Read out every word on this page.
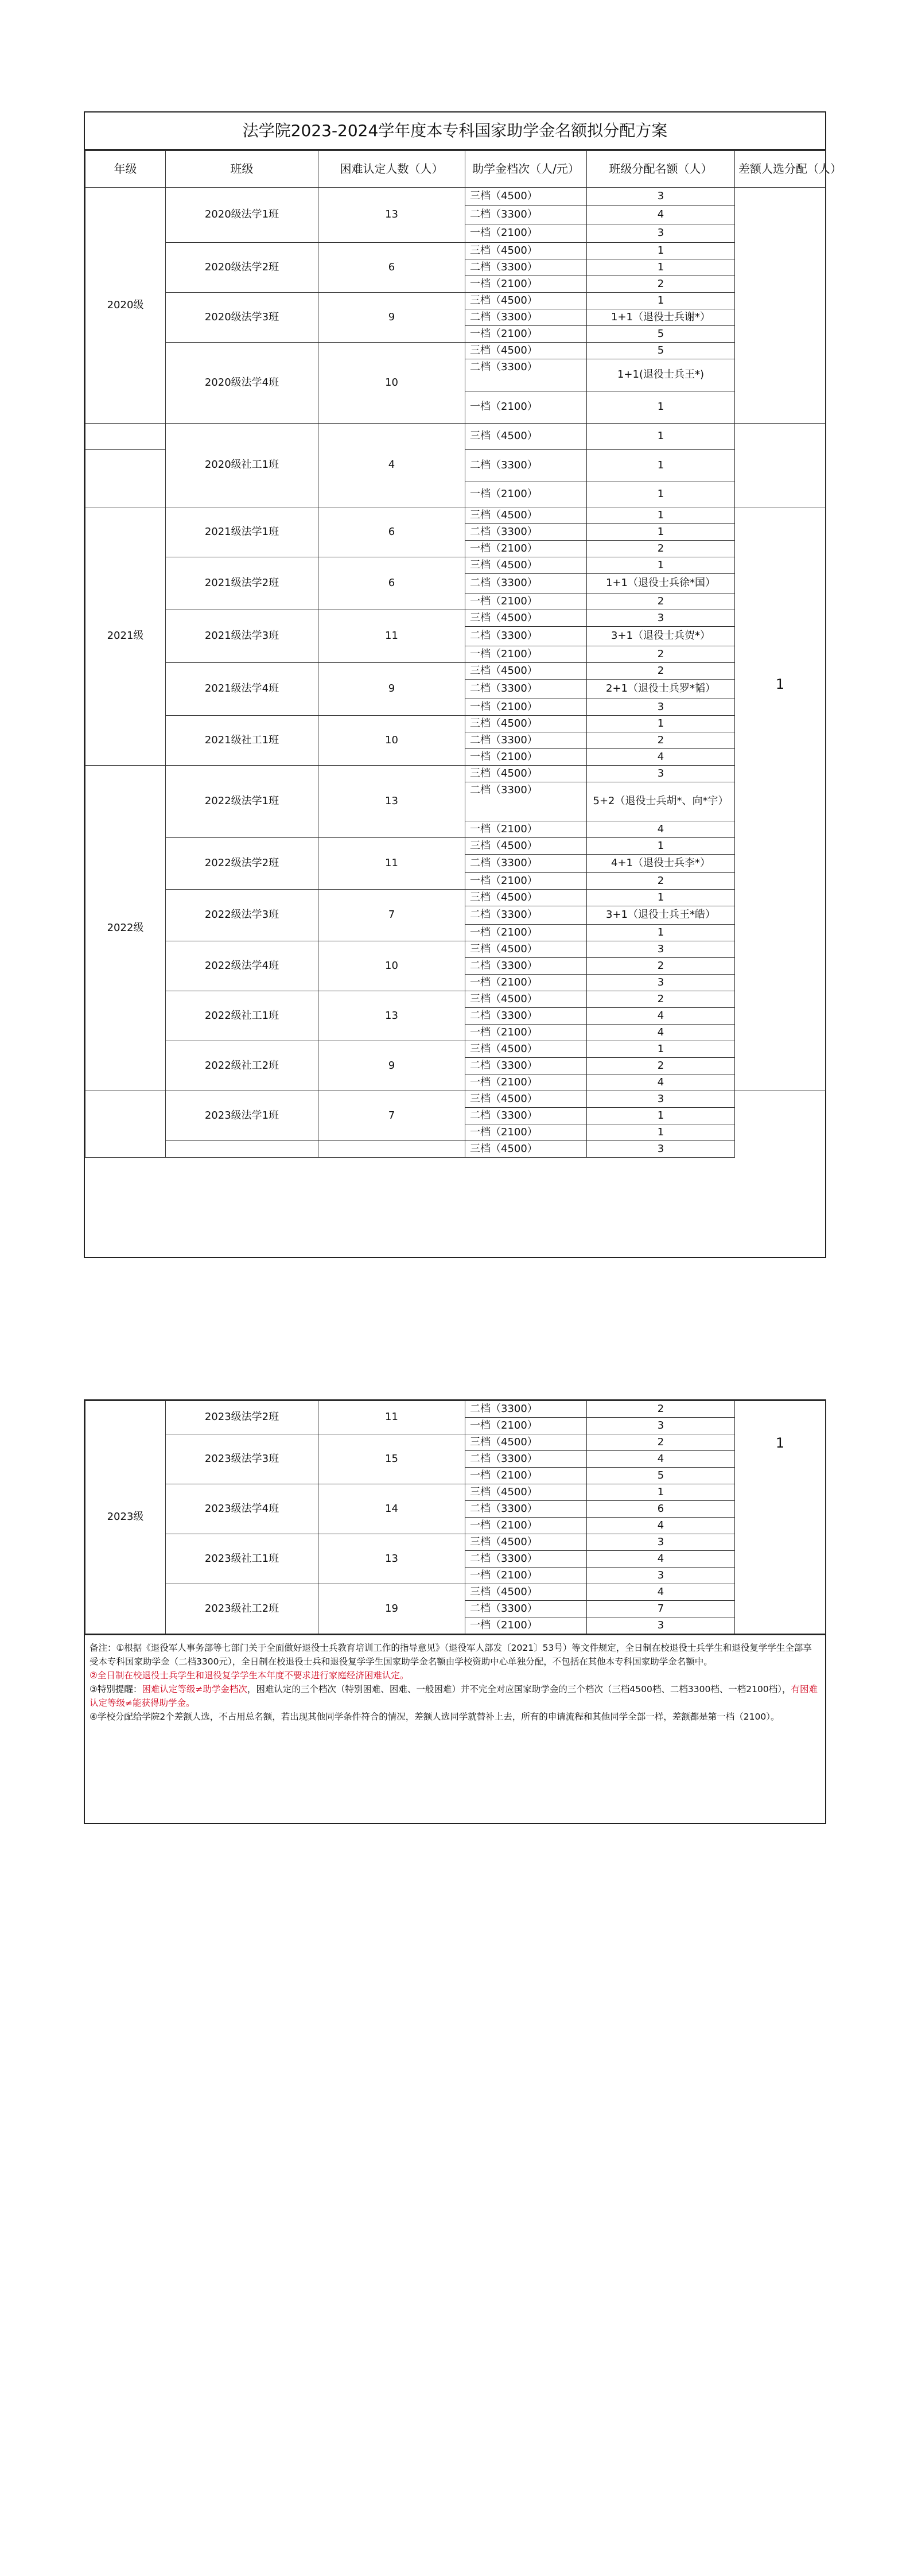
法学院2023-2024学年度本专科国家助学金名额拟分配方案
年级	班级	困难认定人数（人）	助学金档次（人/元）	班级分配名额（人）	差额人选分配（人）
2020级	2020级法学1班	13	三档（4500）	3	
			二档（3300）	4	
			一档（2100）	3	
	2020级法学2班	6	三档（4500）	1	
			二档（3300）	1	
			一档（2100）	2	
	2020级法学3班	9	三档（4500）	1	
			二档（3300）	1+1（退役士兵谢*）	
			一档（2100）	5	
	2020级法学4班	10	三档（4500）	5	
			二档（3300）	1+1(退役士兵王*)	
			一档（2100）	1	
	2020级社工1班	4	三档（4500）	1	
			二档（3300）	1	
			一档（2100）	1	
2021级	2021级法学1班	6	三档（4500）	1	1
			二档（3300）	1	
			一档（2100）	2	
	2021级法学2班	6	三档（4500）	1	
			二档（3300）	1+1（退役士兵徐*国）	
			一档（2100）	2	
	2021级法学3班	11	三档（4500）	3	
			二档（3300）	3+1（退役士兵贺*）	
			一档（2100）	2	
	2021级法学4班	9	三档（4500）	2	
			二档（3300）	2+1（退役士兵罗*韬）	
			一档（2100）	3	
	2021级社工1班	10	三档（4500）	1	
			二档（3300）	2	
			一档（2100）	4	
2022级	2022级法学1班	13	三档（4500）	3	
			二档（3300）	5+2（退役士兵胡*、向*宇）	
			一档（2100）	4	
	2022级法学2班	11	三档（4500）	1	
			二档（3300）	4+1（退役士兵李*）	
			一档（2100）	2	
	2022级法学3班	7	三档（4500）	1	
			二档（3300）	3+1（退役士兵王*皓）	
			一档（2100）	1	
	2022级法学4班	10	三档（4500）	3	
			二档（3300）	2	
			一档（2100）	3	
	2022级社工1班	13	三档（4500）	2	
			二档（3300）	4	
			一档（2100）	4	
	2022级社工2班	9	三档（4500）	1	
			二档（3300）	2	
			一档（2100）	4	
	2023级法学1班	7	三档（4500）	3	
			二档（3300）	1	
			一档（2100）	1	
			三档（4500）	3	
2023级	2023级法学2班	11	二档（3300）	2	1
			一档（2100）	3	
	2023级法学3班	15	三档（4500）	2	
			二档（3300）	4	
			一档（2100）	5	
	2023级法学4班	14	三档（4500）	1	
			二档（3300）	6	
			一档（2100）	4	
	2023级社工1班	13	三档（4500）	3	
			二档（3300）	4	
			一档（2100）	3	
	2023级社工2班	19	三档（4500）	4	
			二档（3300）	7	
			一档（2100）	3	

备注：①根据《退役军人事务部等七部门关于全面做好退役士兵教育培训工作的指导意见》（退役军人部发〔2021〕53号）等文件规定，全日制在校退役士兵学生和退役复学学生全部享受本专科国家助学金（二档3300元），全日制在校退役士兵和退役复学学生国家助学金名额由学校资助中心单独分配，不包括在其他本专科国家助学金名额中。

②全日制在校退役士兵学生和退役复学学生本年度不要求进行家庭经济困难认定。

③特别提醒：困难认定等级≠助学金档次，困难认定的三个档次（特别困难、困难、一般困难）并不完全对应国家助学金的三个档次（三档4500档、二档3300档、一档2100档），有困难认定等级≠能获得助学金。

④学校分配给学院2个差额人选，不占用总名额，若出现其他同学条件符合的情况，差额人选同学就替补上去，所有的申请流程和其他同学全部一样，差额都是第一档（2100）。
